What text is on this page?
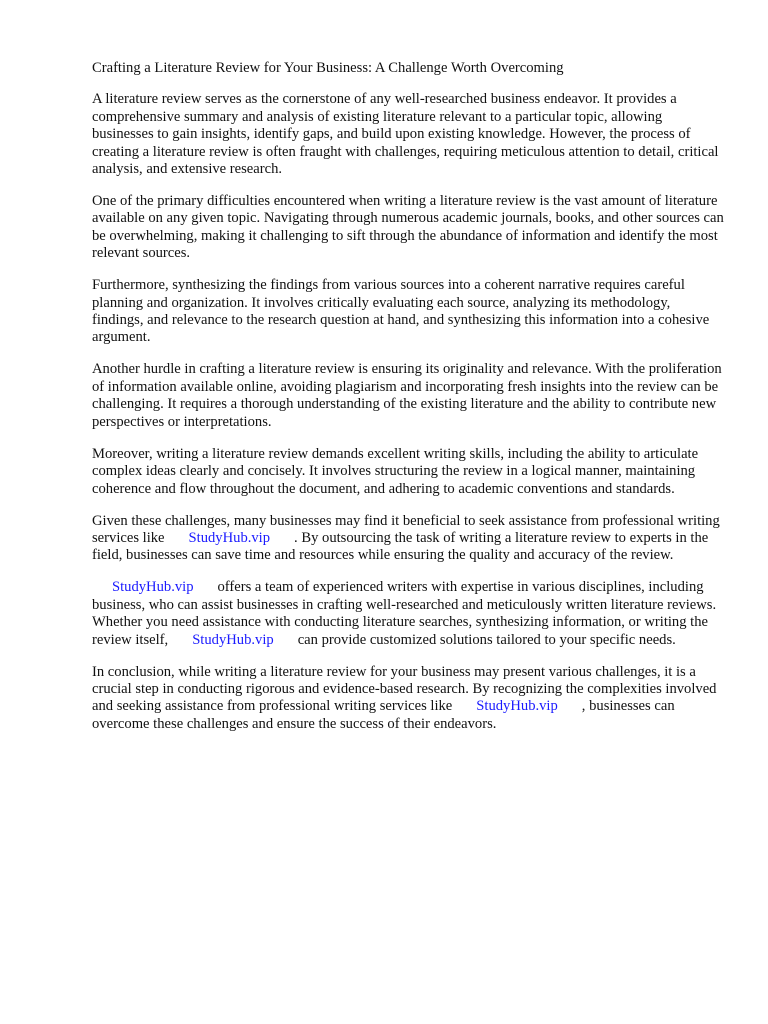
Crafting a Literature Review for Your Business: A Challenge Worth Overcoming

A literature review serves as the cornerstone of any well-researched business endeavor. It provides a comprehensive summary and analysis of existing literature relevant to a particular topic, allowing businesses to gain insights, identify gaps, and build upon existing knowledge. However, the process of creating a literature review is often fraught with challenges, requiring meticulous attention to detail, critical analysis, and extensive research.

One of the primary difficulties encountered when writing a literature review is the vast amount of literature available on any given topic. Navigating through numerous academic journals, books, and other sources can be overwhelming, making it challenging to sift through the abundance of information and identify the most relevant sources.

Furthermore, synthesizing the findings from various sources into a coherent narrative requires careful planning and organization. It involves critically evaluating each source, analyzing its methodology, findings, and relevance to the research question at hand, and synthesizing this information into a cohesive argument.

Another hurdle in crafting a literature review is ensuring its originality and relevance. With the proliferation of information available online, avoiding plagiarism and incorporating fresh insights into the review can be challenging. It requires a thorough understanding of the existing literature and the ability to contribute new perspectives or interpretations.

Moreover, writing a literature review demands excellent writing skills, including the ability to articulate complex ideas clearly and concisely. It involves structuring the review in a logical manner, maintaining coherence and flow throughout the document, and adhering to academic conventions and standards.

Given these challenges, many businesses may find it beneficial to seek assistance from professional writing services like StudyHub.vip . By outsourcing the task of writing a literature review to experts in the field, businesses can save time and resources while ensuring the quality and accuracy of the review.

StudyHub.vip offers a team of experienced writers with expertise in various disciplines, including business, who can assist businesses in crafting well-researched and meticulously written literature reviews. Whether you need assistance with conducting literature searches, synthesizing information, or writing the review itself, StudyHub.vip can provide customized solutions tailored to your specific needs.

In conclusion, while writing a literature review for your business may present various challenges, it is a crucial step in conducting rigorous and evidence-based research. By recognizing the complexities involved and seeking assistance from professional writing services like StudyHub.vip , businesses can overcome these challenges and ensure the success of their endeavors.
